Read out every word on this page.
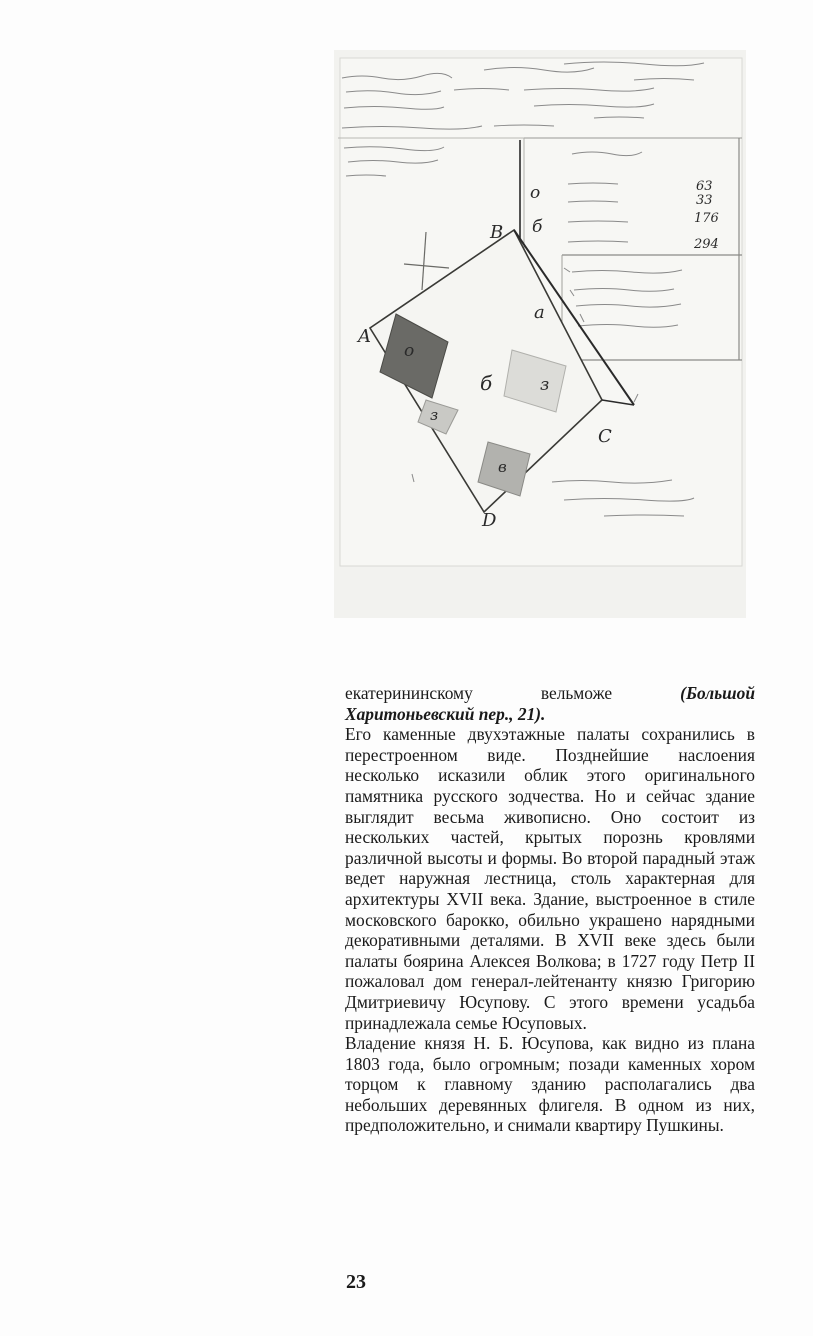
63
33
176
294
о
б
B
A
C
D
a
б
о
з
з
в

екатерининскому вельможе (Большой Харитоньевский пер., 21).

Его каменные двухэтажные палаты сохранились в перестроенном виде. Позднейшие наслоения несколько исказили облик этого оригинального памятника русского зодчества. Но и сейчас здание выглядит весьма живописно. Оно состоит из нескольких частей, крытых порознь кровлями различной высоты и формы. Во второй парадный этаж ведет наружная лестница, столь характерная для архитектуры XVII века. Здание, выстроенное в стиле московского барокко, обильно украшено нарядными декоративными деталями. В XVII веке здесь были палаты боярина Алексея Волкова; в 1727 году Петр II пожаловал дом генерал-лейтенанту князю Григорию Дмитриевичу Юсупову. С этого времени усадьба принадлежала семье Юсуповых.

Владение князя Н. Б. Юсупова, как видно из плана 1803 года, было огромным; позади каменных хором торцом к главному зданию располагались два небольших деревянных флигеля. В одном из них, предположительно, и снимали квартиру Пушкины.

23
